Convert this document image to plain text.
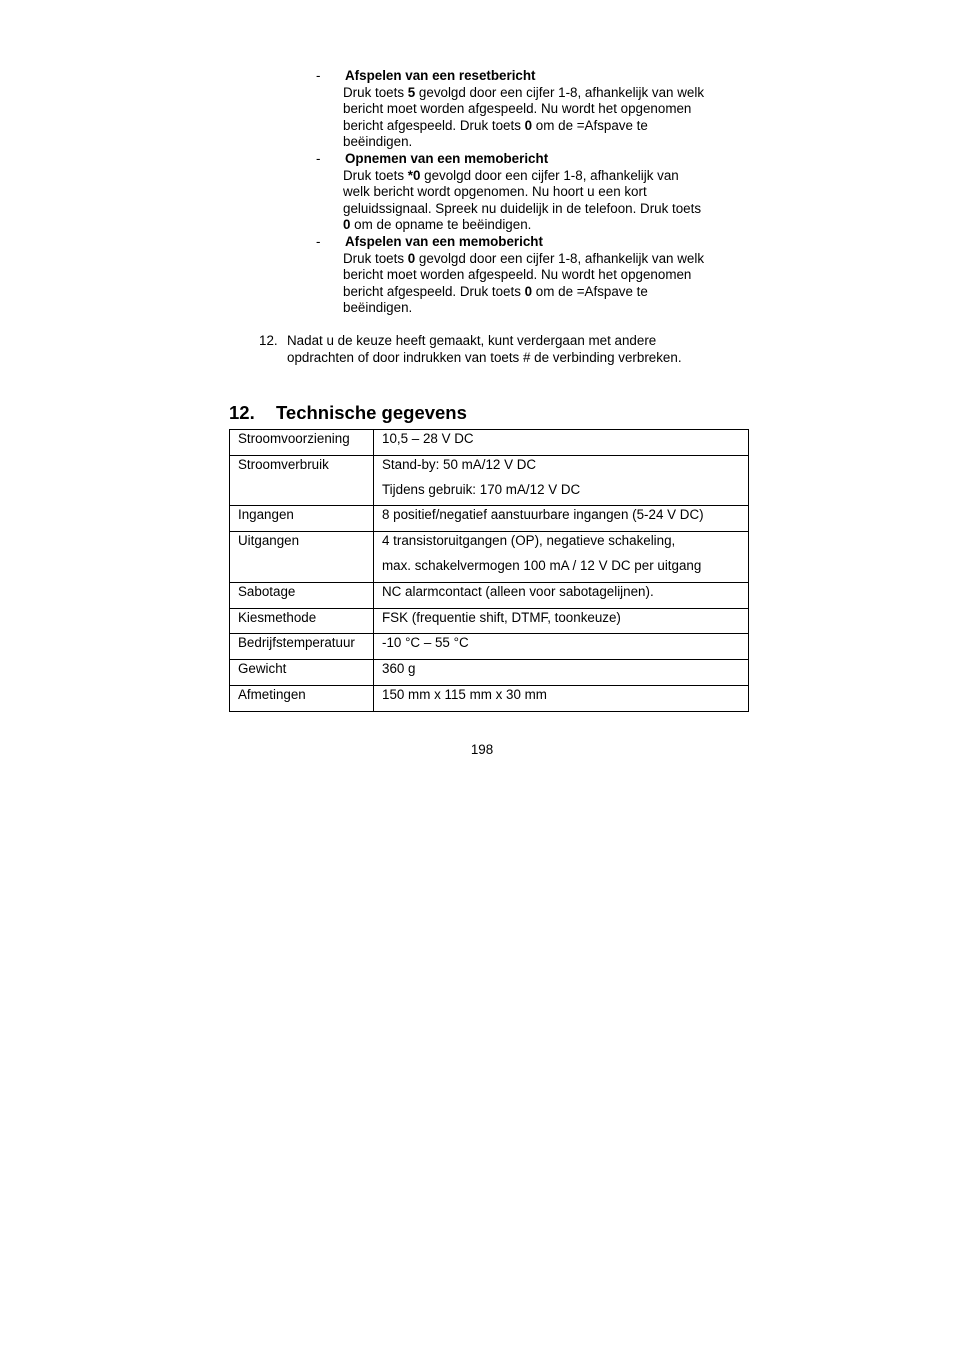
- Afspelen van een resetbericht
Druk toets 5 gevolgd door een cijfer 1-8, afhankelijk van welk
bericht moet worden afgespeeld. Nu wordt het opgenomen
bericht afgespeeld. Druk toets 0 om de =Afspave te
beëindigen.
- Opnemen van een memobericht
Druk toets *0 gevolgd door een cijfer 1-8, afhankelijk van
welk bericht wordt opgenomen. Nu hoort u een kort
geluidssignaal. Spreek nu duidelijk in de telefoon. Druk toets
0 om de opname te beëindigen.
- Afspelen van een memobericht
Druk toets 0 gevolgd door een cijfer 1-8, afhankelijk van welk
bericht moet worden afgespeeld. Nu wordt het opgenomen
bericht afgespeeld. Druk toets 0 om de =Afspave te
beëindigen.
12. Nadat u de keuze heeft gemaakt, kunt verdergaan met andere
opdrachten of door indrukken van toets # de verbinding verbreken.
12. Technische gegevens
Stroomvoorziening	10,5 – 28 V DC

Stroomverbruik	Stand-by: 50 mA/12 V DC
Tijdens gebruik: 170 mA/12 V DC

Ingangen	8 positief/negatief aanstuurbare ingangen (5-24 V DC)

Uitgangen	4 transistoruitgangen (OP), negatieve schakeling,
max. schakelvermogen 100 mA / 12 V DC per uitgang

Sabotage	NC alarmcontact (alleen voor sabotagelijnen).

Kiesmethode	FSK (frequentie shift, DTMF, toonkeuze)

Bedrijfstemperatuur	-10 °C – 55 °C

Gewicht	360 g

Afmetingen	150 mm x 115 mm x 30 mm
198
